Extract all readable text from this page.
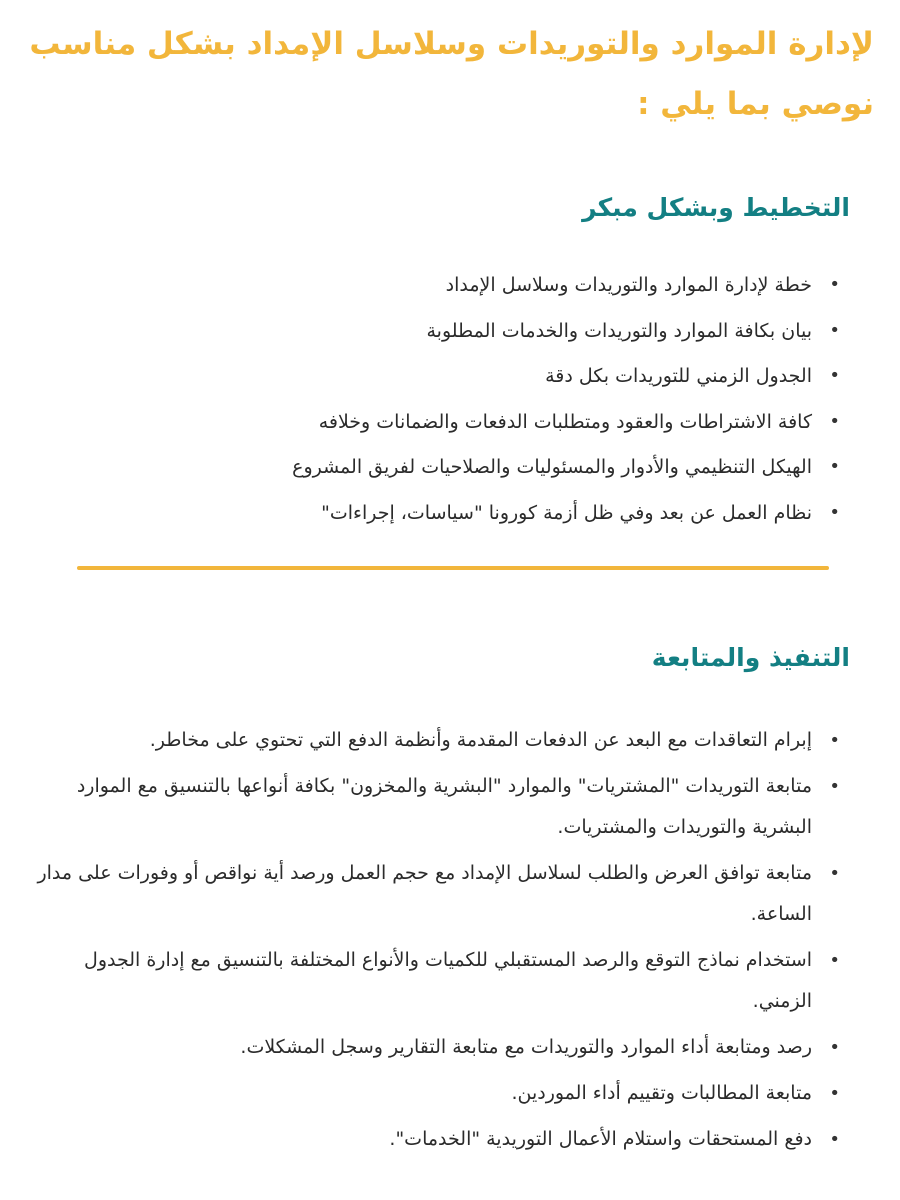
لإدارة الموارد والتوريدات وسلاسل الإمداد بشكل مناسب نوصي بما يلي :

التخطيط وبشكل مبكر
•
خطة لإدارة الموارد والتوريدات وسلاسل الإمداد
•
بيان بكافة الموارد والتوريدات والخدمات المطلوبة
•
الجدول الزمني للتوريدات بكل دقة
•
كافة الاشتراطات والعقود ومتطلبات الدفعات والضمانات وخلافه
•
الهيكل التنظيمي والأدوار والمسئوليات والصلاحيات لفريق المشروع
•
نظام العمل عن بعد وفي ظل أزمة كورونا "سياسات، إجراءات"
التنفيذ والمتابعة
•
إبرام التعاقدات مع البعد عن الدفعات المقدمة وأنظمة الدفع التي تحتوي على مخاطر.
•
متابعة التوريدات "المشتريات" والموارد "البشرية والمخزون" بكافة أنواعها بالتنسيق مع الموارد البشرية والتوريدات والمشتريات.
•
متابعة توافق العرض والطلب لسلاسل الإمداد مع حجم العمل ورصد أية نواقص أو وفورات على مدار الساعة.
•
استخدام نماذج التوقع والرصد المستقبلي للكميات والأنواع المختلفة بالتنسيق مع إدارة الجدول الزمني.
•
رصد ومتابعة أداء الموارد والتوريدات مع متابعة التقارير وسجل المشكلات.
•
متابعة المطالبات وتقييم أداء الموردين.
•
دفع المستحقات واستلام الأعمال التوريدية "الخدمات".
